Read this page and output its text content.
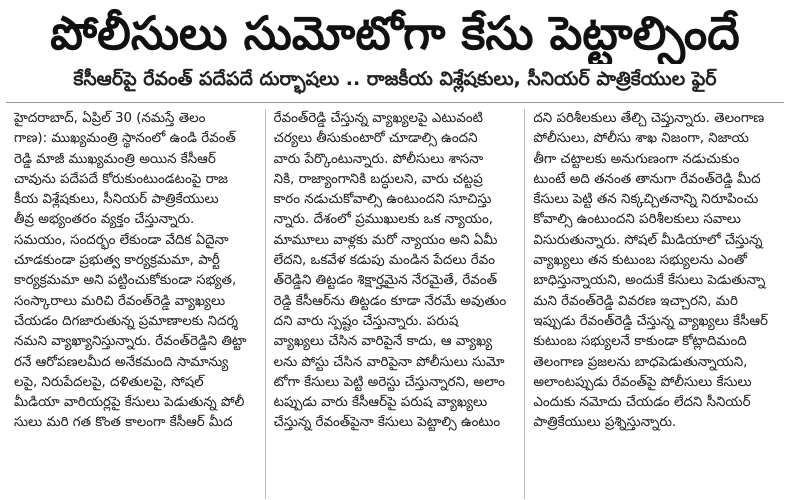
పోలీసులు సుమోటోగా కేసు పెట్టాల్సిందే
కేసీఆర్‌పై రేవంత్ పదేపదే దుర్భాషలు .. రాజకీయ విశ్లేషకులు, సీనియర్ పాత్రికేయుల ఫైర్
హైదరాబాద్, ఏప్రిల్ 30 (నమస్తే తెలం
గాణ): ముఖ్యమంత్రి స్థానంలో ఉండి రేవంత్
రెడ్డి మాజీ ముఖ్యమంత్రి అయిన కేసీఆర్
చావును పదేపదే కోరుకుంటుండటంపై రాజ
కీయ విశ్లేషకులు, సీనియర్ పాత్రికేయులు
తీవ్ర అభ్యంతరం వ్యక్తం చేస్తున్నారు.
సమయం, సందర్భం లేకుండా వేదిక ఏదైనా
చూడకుండా ప్రభుత్వ కార్యక్రమమా, పార్టీ
కార్యక్రమమా అని పట్టించుకోకుండా సభ్యత,
సంస్కారాలు మరిచి రేవంత్‌రెడ్డి వ్యాఖ్యలు
చేయడం దిగజారుతున్న ప్రమాణాలకు నిదర్శ
నమని వ్యాఖ్యానిస్తున్నారు. రేవంత్‌రెడ్డిని తిట్టా
రనే ఆరోపణలమీద అనేకమంది సామాన్యు
లపై, నిరుపేదలపై, దళితులపై, సోషల్
మీడియా వారియర్లపై కేసులు పెడుతున్న పోలీ
సులు మరి గత కొంత కాలంగా కేసీఆర్ మీద
రేవంత్‌రెడ్డి చేస్తున్న వ్యాఖ్యలపై ఎటువంటి
చర్యలు తీసుకుంటారో చూడాల్సి ఉందని
వారు పేర్కొంటున్నారు. పోలీసులు శాసనా
నికి, రాజ్యాంగానికి బద్ధులని, వారు చట్టప్ర
కారం నడుచుకోవాల్సి ఉంటుందని సూచిస్తు
న్నారు. దేశంలో ప్రముఖులకు ఒక న్యాయం,
మామూలు వాళ్లకు మరో న్యాయం అని ఏమీ
లేదని, ఒకవేళ కడుపు మండిన పేదలు రేవం
త్‌రెడ్డిని తిట్టడం శిక్షార్హమైన నేరమైతే, రేవంత్
రెడ్డి కేసీఆర్‌ను తిట్టడం కూడా నేరమే అవుతుం
దని వారు స్పష్టం చేస్తున్నారు. పరుష
వ్యాఖ్యలు చేసిన వారిపైనే కాదు, ఆ వ్యాఖ్య
లను పోస్టు చేసిన వారిపైనా పోలీసులు సుమో
టోగా కేసులు పెట్టి అరెస్టు చేస్తున్నారని, అలాం
టప్పుడు వారు కేసీఆర్‌పై పరుష వ్యాఖ్యలు
చేస్తున్న రేవంత్‌పైనా కేసులు పెట్టాల్సి ఉంటుం
దని పరిశీలకులు తేల్చి చెప్తున్నారు. తెలంగాణ
పోలీసులు, పోలీసు శాఖ నిజంగా, నిజాయ
తీగా చట్టాలకు అనుగుణంగా నడుచుకుం
టుంటే అది తనంత తానుగా రేవంత్‌రెడ్డి మీద
కేసులు పెట్టి తన నిక్కచ్చితనాన్ని నిరూపించు
కోవాల్సి ఉంటుందని పరిశీలకులు సవాలు
విసురుతున్నారు. సోషల్ మీడియాలో చేస్తున్న
వ్యాఖ్యలు తన కుటుంబ సభ్యులను ఎంతో
బాధిస్తున్నాయని, అందుకే కేసులు పెడుతున్నా
మని రేవంత్‌రెడ్డి వివరణ ఇచ్చారని, మరి
ఇప్పుడు రేవంత్‌రెడ్డి చేస్తున్న వ్యాఖ్యలు కేసీఆర్
కుటుంబ సభ్యులనే కాకుండా కోట్లాదిమంది
తెలంగాణ ప్రజలను బాధపెడుతున్నాయని,
అలాంటప్పుడు రేవంత్‌పై పోలీసులు కేసులు
ఎందుకు నమోదు చేయడం లేదని సీనియర్
పాత్రికేయులు ప్రశ్నిస్తున్నారు.
